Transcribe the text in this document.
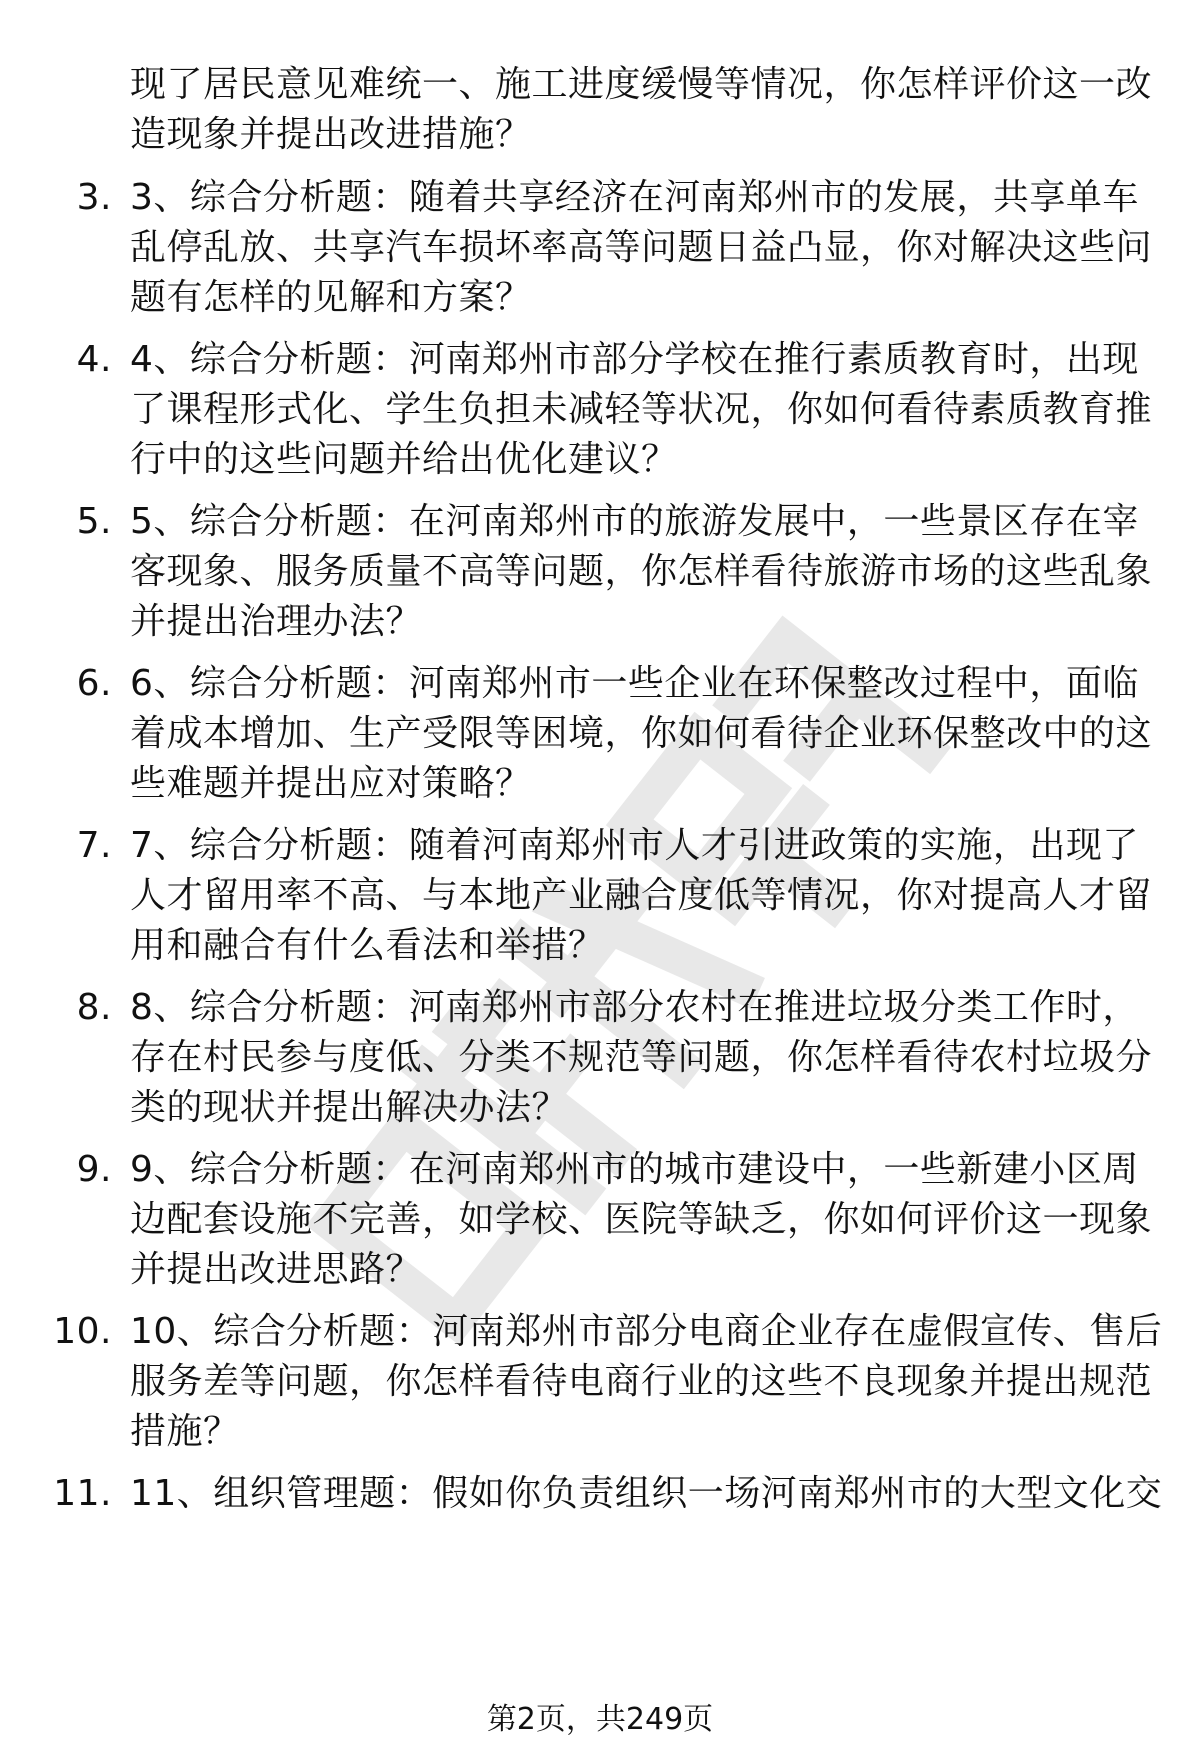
现了居民意见难统一、施工进度缓慢等情况，你怎样评价这一改造现象并提出改进措施？
3. 3、综合分析题：随着共享经济在河南郑州市的发展，共享单车乱停乱放、共享汽车损坏率高等问题日益凸显，你对解决这些问题有怎样的见解和方案？
4. 4、综合分析题：河南郑州市部分学校在推行素质教育时，出现了课程形式化、学生负担未减轻等状况，你如何看待素质教育推行中的这些问题并给出优化建议？
5. 5、综合分析题：在河南郑州市的旅游发展中，一些景区存在宰客现象、服务质量不高等问题，你怎样看待旅游市场的这些乱象并提出治理办法？
6. 6、综合分析题：河南郑州市一些企业在环保整改过程中，面临着成本增加、生产受限等困境，你如何看待企业环保整改中的这些难题并提出应对策略？
7. 7、综合分析题：随着河南郑州市人才引进政策的实施，出现了人才留用率不高、与本地产业融合度低等情况，你对提高人才留用和融合有什么看法和举措？
8. 8、综合分析题：河南郑州市部分农村在推进垃圾分类工作时，存在村民参与度低、分类不规范等问题，你怎样看待农村垃圾分类的现状并提出解决办法？
9. 9、综合分析题：在河南郑州市的城市建设中，一些新建小区周边配套设施不完善，如学校、医院等缺乏，你如何评价这一现象并提出改进思路？
10. 10、综合分析题：河南郑州市部分电商企业存在虚假宣传、售后服务差等问题，你怎样看待电商行业的这些不良现象并提出规范措施？
11. 11、组织管理题：假如你负责组织一场河南郑州市的大型文化交
第2页，共249页
